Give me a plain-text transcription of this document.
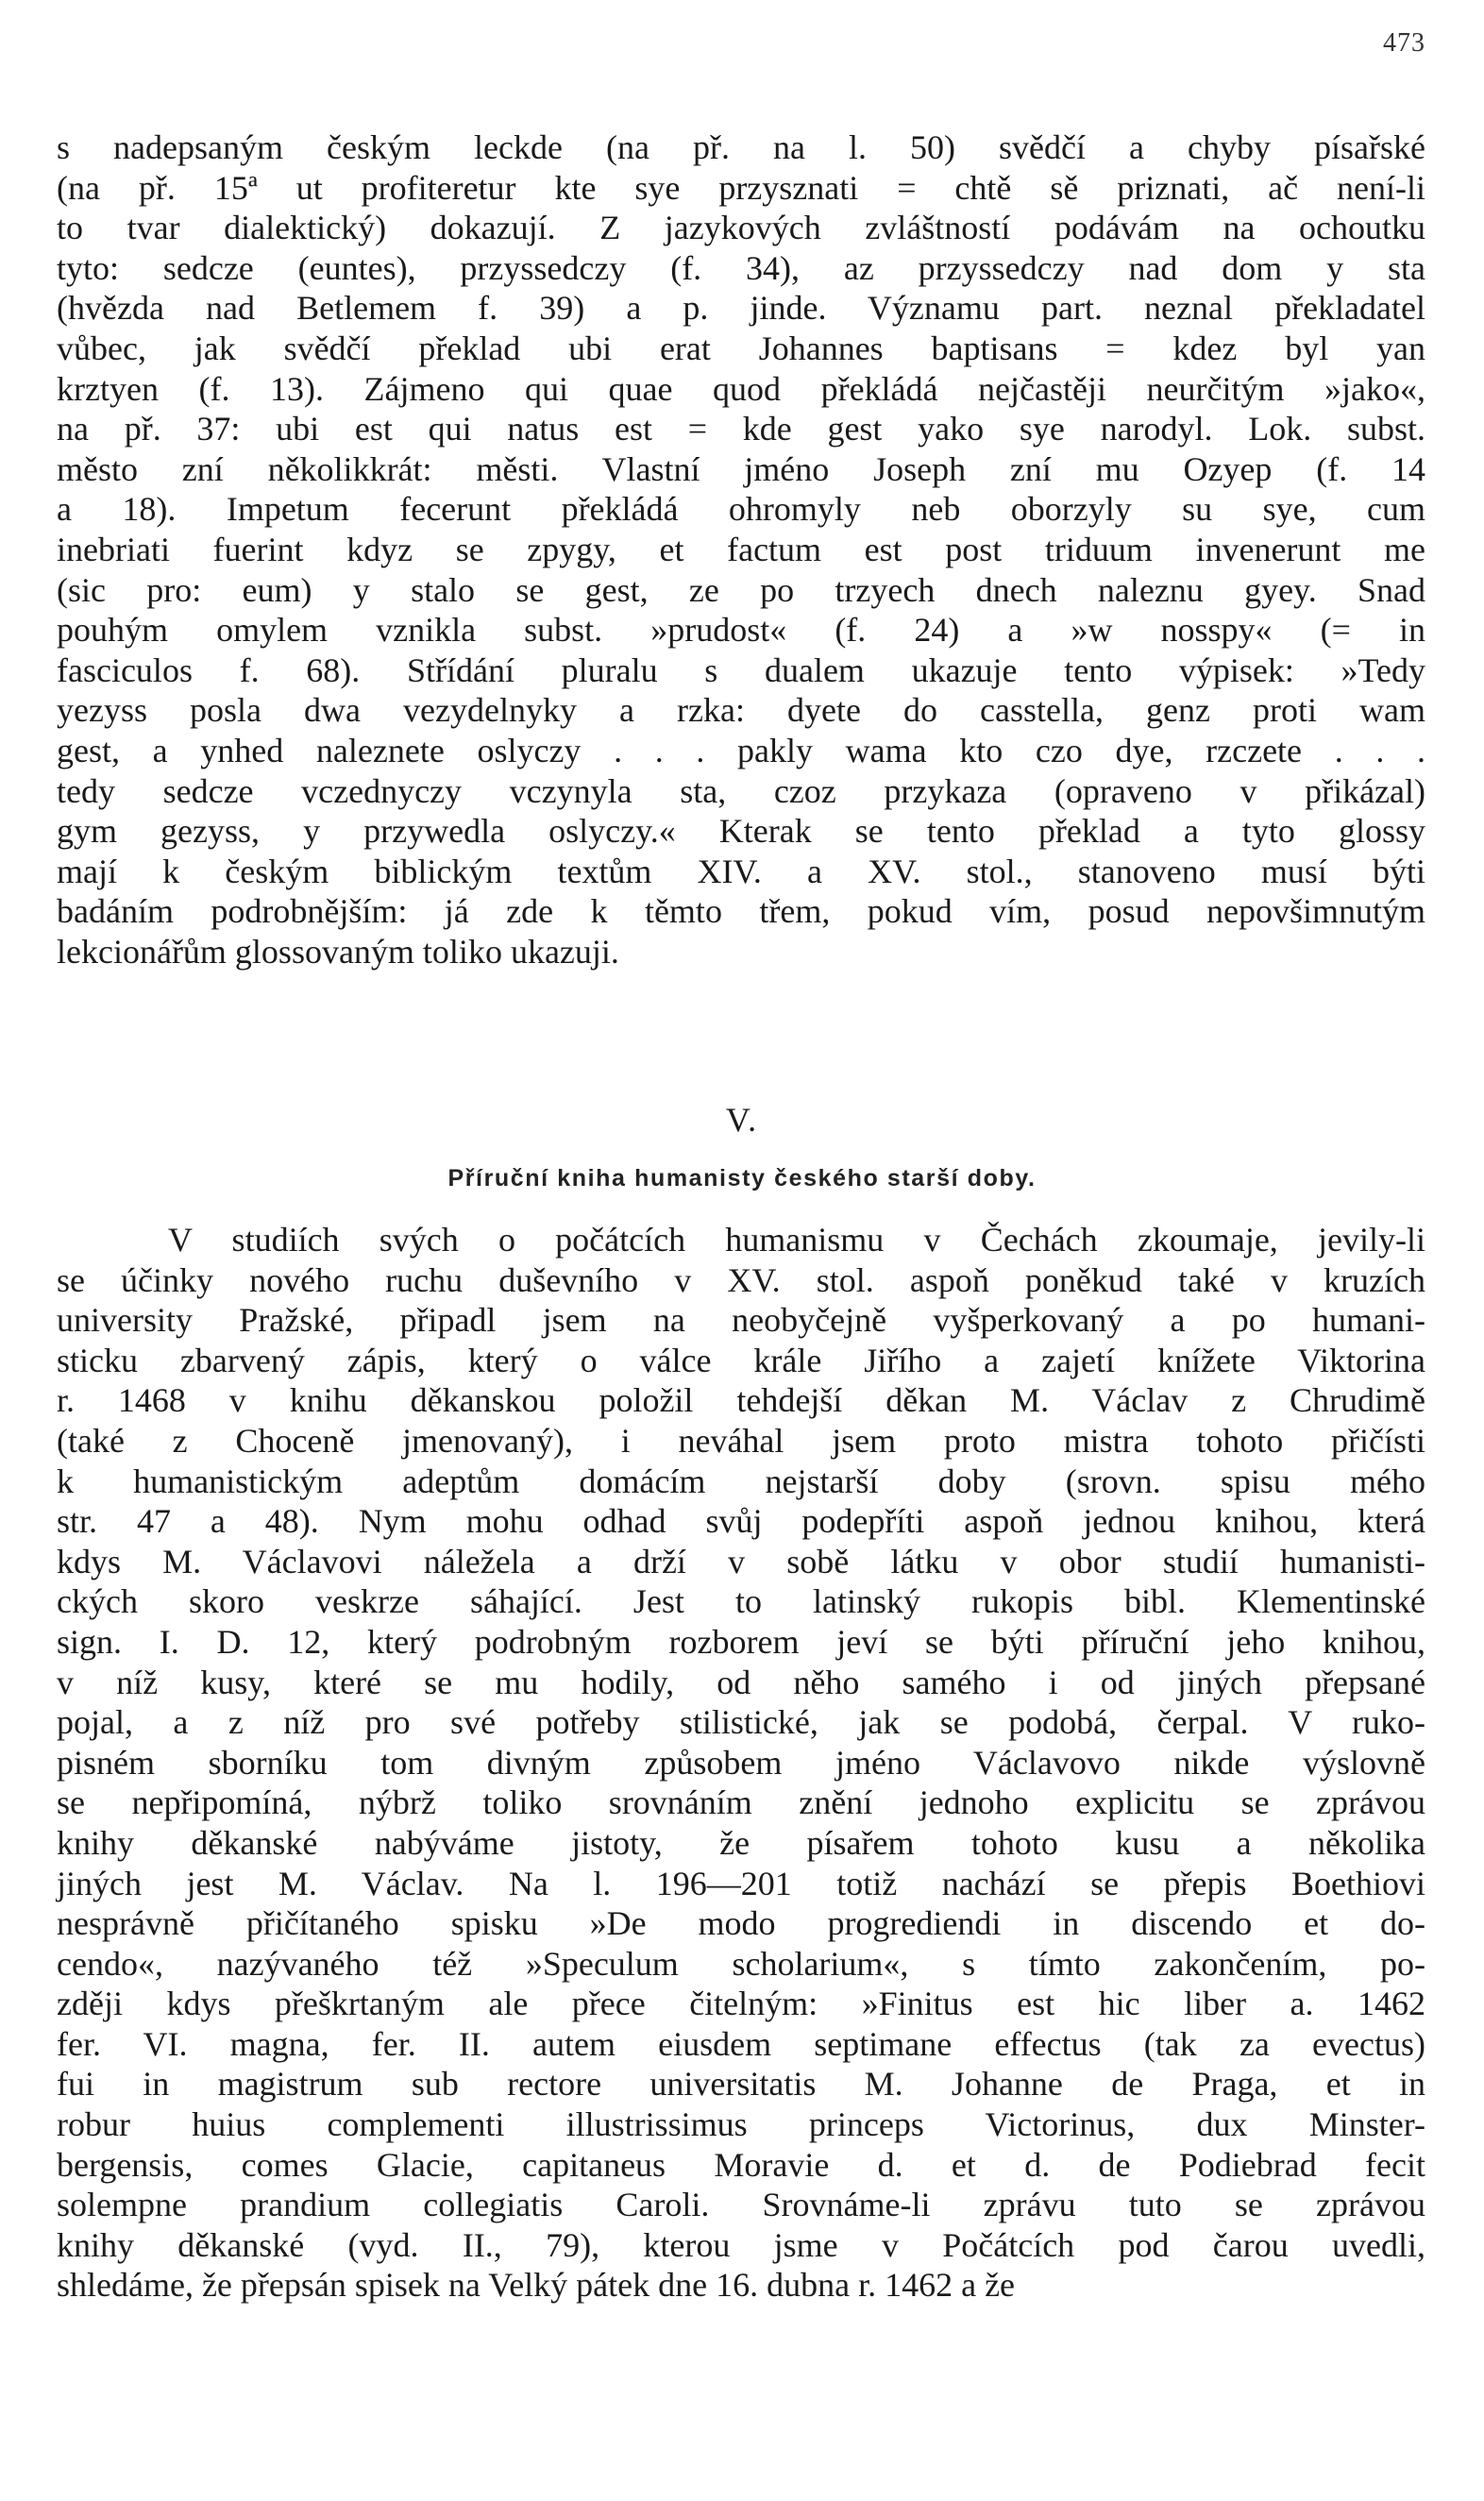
473
s nadepsaným českým leckde (na př. na l. 50) svědčí a chyby písařské
(na př. 15ª ut profiteretur kte sye przysznati = chtě sě priznati, ač není-li
to tvar dialektický) dokazují. Z jazykových zvláštností podávám na ochoutku
tyto: sedcze (euntes), przyssedczy (f. 34), az przyssedczy nad dom y sta
(hvězda nad Betlemem f. 39) a p. jinde. Významu part. neznal překladatel
vůbec, jak svědčí překlad ubi erat Johannes baptisans = kdez byl yan
krztyen (f. 13). Zájmeno qui quae quod překládá nejčastěji neurčitým »jako«,
na př. 37: ubi est qui natus est = kde gest yako sye narodyl. Lok. subst.
město zní několikkrát: městi. Vlastní jméno Joseph zní mu Ozyep (f. 14
a 18). Impetum fecerunt překládá ohromyly neb oborzyly su sye, cum
inebriati fuerint kdyz se zpygy, et factum est post triduum invenerunt me
(sic pro: eum) y stalo se gest, ze po trzyech dnech naleznu gyey. Snad
pouhým omylem vznikla subst. »prudost« (f. 24) a »w nosspy« (= in
fasciculos f. 68). Střídání pluralu s dualem ukazuje tento výpisek: »Tedy
yezyss posla dwa vezydelnyky a rzka: dyete do casstella, genz proti wam
gest, a ynhed naleznete oslyczy . . . pakly wama kto czo dye, rzczete . . .
tedy sedcze vczednyczy vczynyla sta, czoz przykaza (opraveno v přikázal)
gym gezyss, y przywedla oslyczy.« Kterak se tento překlad a tyto glossy
mají k českým biblickým textům XIV. a XV. stol., stanoveno musí býti
badáním podrobnějším: já zde k těmto třem, pokud vím, posud nepovšimnutým
lekcionářům glossovaným toliko ukazuji.
V.
Příruční kniha humanisty českého starší doby.
V studiích svých o počátcích humanismu v Čechách zkoumaje, jevily-li
se účinky nového ruchu duševního v XV. stol. aspoň poněkud také v kruzích
university Pražské, připadl jsem na neobyčejně vyšperkovaný a po humani-
sticku zbarvený zápis, který o válce krále Jiřího a zajetí knížete Viktorina
r. 1468 v knihu děkanskou položil tehdejší děkan M. Václav z Chrudimě
(také z Choceně jmenovaný), i neváhal jsem proto mistra tohoto přičísti
k humanistickým adeptům domácím nejstarší doby (srovn. spisu mého
str. 47 a 48). Nym mohu odhad svůj podepříti aspoň jednou knihou, která
kdys M. Václavovi náležela a drží v sobě látku v obor studií humanisti-
ckých skoro veskrze sáhající. Jest to latinský rukopis bibl. Klementinské
sign. I. D. 12, který podrobným rozborem jeví se býti příruční jeho knihou,
v níž kusy, které se mu hodily, od něho samého i od jiných přepsané
pojal, a z níž pro své potřeby stilistické, jak se podobá, čerpal. V ruko-
pisném sborníku tom divným způsobem jméno Václavovo nikde výslovně
se nepřipomíná, nýbrž toliko srovnáním znění jednoho explicitu se zprávou
knihy děkanské nabýváme jistoty, že písařem tohoto kusu a několika
jiných jest M. Václav. Na l. 196—201 totiž nachází se přepis Boethiovi
nesprávně přičítaného spisku »De modo progrediendi in discendo et do-
cendo«, nazývaného též »Speculum scholarium«, s tímto zakončením, po-
zději kdys přeškrtaným ale přece čitelným: »Finitus est hic liber a. 1462
fer. VI. magna, fer. II. autem eiusdem septimane effectus (tak za evectus)
fui in magistrum sub rectore universitatis M. Johanne de Praga, et in
robur huius complementi illustrissimus princeps Victorinus, dux Minster-
bergensis, comes Glacie, capitaneus Moravie d. et d. de Podiebrad fecit
solempne prandium collegiatis Caroli. Srovnáme-li zprávu tuto se zprávou
knihy děkanské (vyd. II., 79), kterou jsme v Počátcích pod čarou uvedli,
shledáme, že přepsán spisek na Velký pátek dne 16. dubna r. 1462 a že
